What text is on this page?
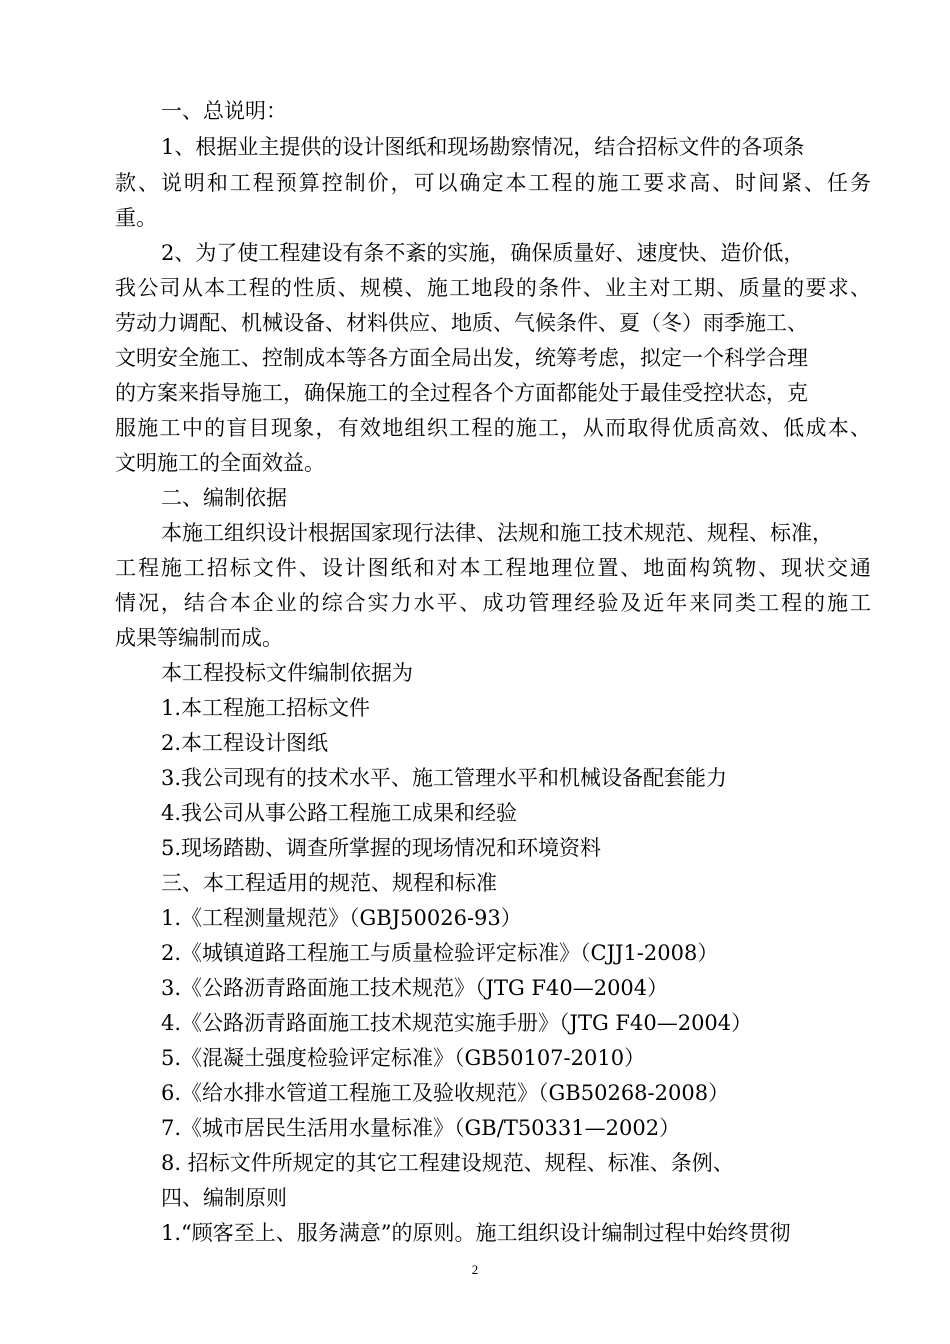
一、总说明：
1、根据业主提供的设计图纸和现场勘察情况，结合招标文件的各项条
款、说明和工程预算控制价，可以确定本工程的施工要求高、时间紧、任务
重。
2、为了使工程建设有条不紊的实施，确保质量好、速度快、造价低，
我公司从本工程的性质、规模、施工地段的条件、业主对工期、质量的要求、
劳动力调配、机械设备、材料供应、地质、气候条件、夏（冬）雨季施工、
文明安全施工、控制成本等各方面全局出发，统筹考虑，拟定一个科学合理
的方案来指导施工，确保施工的全过程各个方面都能处于最佳受控状态，克
服施工中的盲目现象，有效地组织工程的施工，从而取得优质高效、低成本、
文明施工的全面效益。
二、编制依据
本施工组织设计根据国家现行法律、法规和施工技术规范、规程、标准，
工程施工招标文件、设计图纸和对本工程地理位置、地面构筑物、现状交通
情况，结合本企业的综合实力水平、成功管理经验及近年来同类工程的施工
成果等编制而成。
本工程投标文件编制依据为
1.本工程施工招标文件
2.本工程设计图纸
3.我公司现有的技术水平、施工管理水平和机械设备配套能力
4.我公司从事公路工程施工成果和经验
5.现场踏勘、调查所掌握的现场情况和环境资料
三、本工程适用的规范、规程和标准
1.《工程测量规范》（GBJ50026-93）
2.《城镇道路工程施工与质量检验评定标准》（CJJ1-2008）
3.《公路沥青路面施工技术规范》（JTG F40—2004）
4.《公路沥青路面施工技术规范实施手册》（JTG F40—2004）
5.《混凝土强度检验评定标准》（GB50107-2010）
6.《给水排水管道工程施工及验收规范》（GB50268-2008）
7.《城市居民生活用水量标准》（GB/T50331—2002）
8. 招标文件所规定的其它工程建设规范、规程、标准、条例、
四、编制原则
1.“顾客至上、服务满意”的原则。施工组织设计编制过程中始终贯彻
2
